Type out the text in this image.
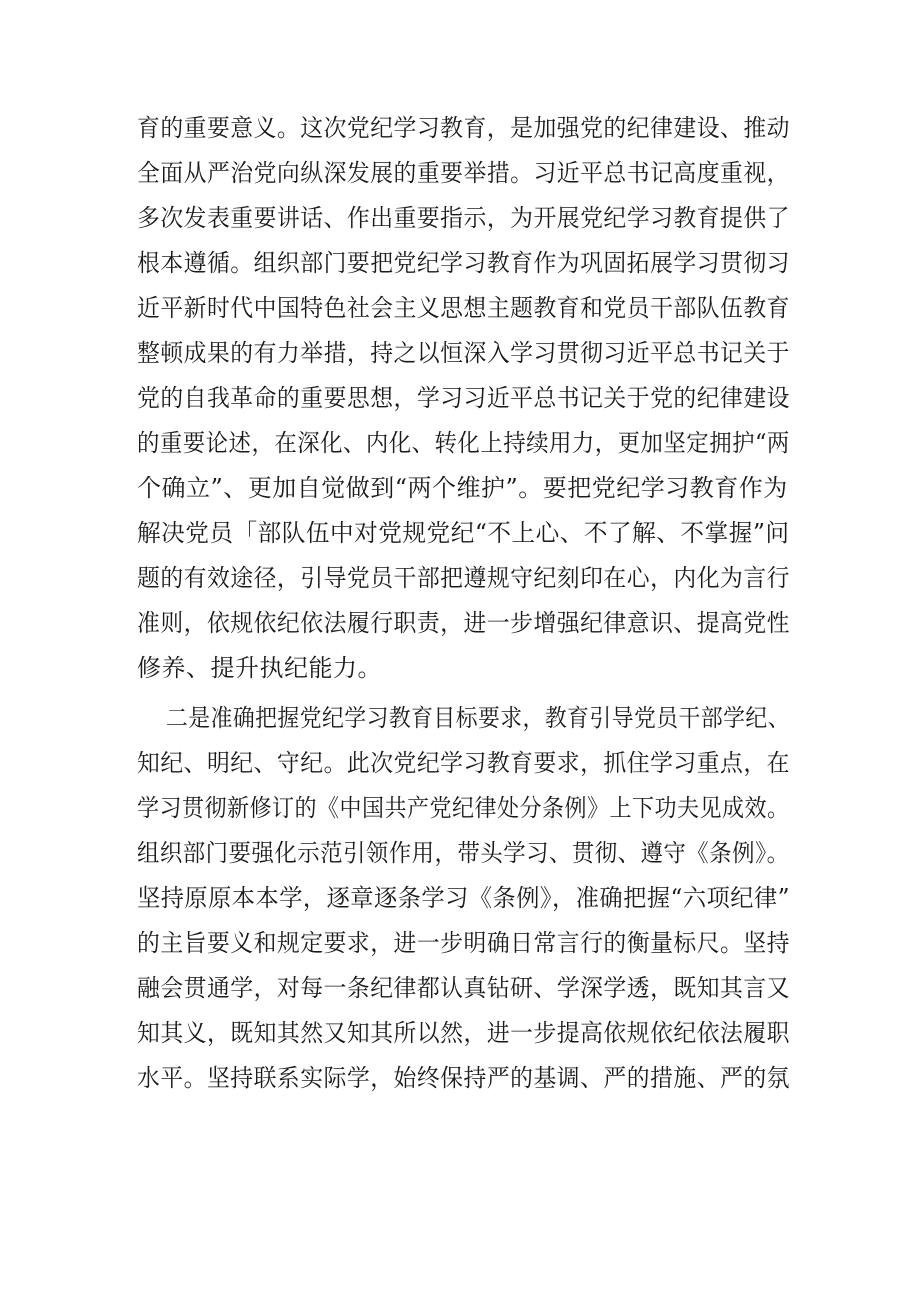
育的重要意义。这次党纪学习教育，是加强党的纪律建设、推动
全面从严治党向纵深发展的重要举措。习近平总书记高度重视，
多次发表重要讲话、作出重要指示，为开展党纪学习教育提供了
根本遵循。组织部门要把党纪学习教育作为巩固拓展学习贯彻习
近平新时代中国特色社会主义思想主题教育和党员干部队伍教育
整顿成果的有力举措，持之以恒深入学习贯彻习近平总书记关于
党的自我革命的重要思想，学习习近平总书记关于党的纪律建设
的重要论述，在深化、内化、转化上持续用力，更加坚定拥护“两
个确立”、更加自觉做到“两个维护”。要把党纪学习教育作为
解决党员「部队伍中对党规党纪“不上心、不了解、不掌握”问
题的有效途径，引导党员干部把遵规守纪刻印在心，内化为言行
准则，依规依纪依法履行职责，进一步增强纪律意识、提高党性
修养、提升执纪能力。
二是准确把握党纪学习教育目标要求，教育引导党员干部学纪、
知纪、明纪、守纪。此次党纪学习教育要求，抓住学习重点，在
学习贯彻新修订的《中国共产党纪律处分条例》上下功夫见成效。
组织部门要强化示范引领作用，带头学习、贯彻、遵守《条例》。
坚持原原本本学，逐章逐条学习《条例》，准确把握“六项纪律”
的主旨要义和规定要求，进一步明确日常言行的衡量标尺。坚持
融会贯通学，对每一条纪律都认真钻研、学深学透，既知其言又
知其义，既知其然又知其所以然，进一步提高依规依纪依法履职
水平。坚持联系实际学，始终保持严的基调、严的措施、严的氛
